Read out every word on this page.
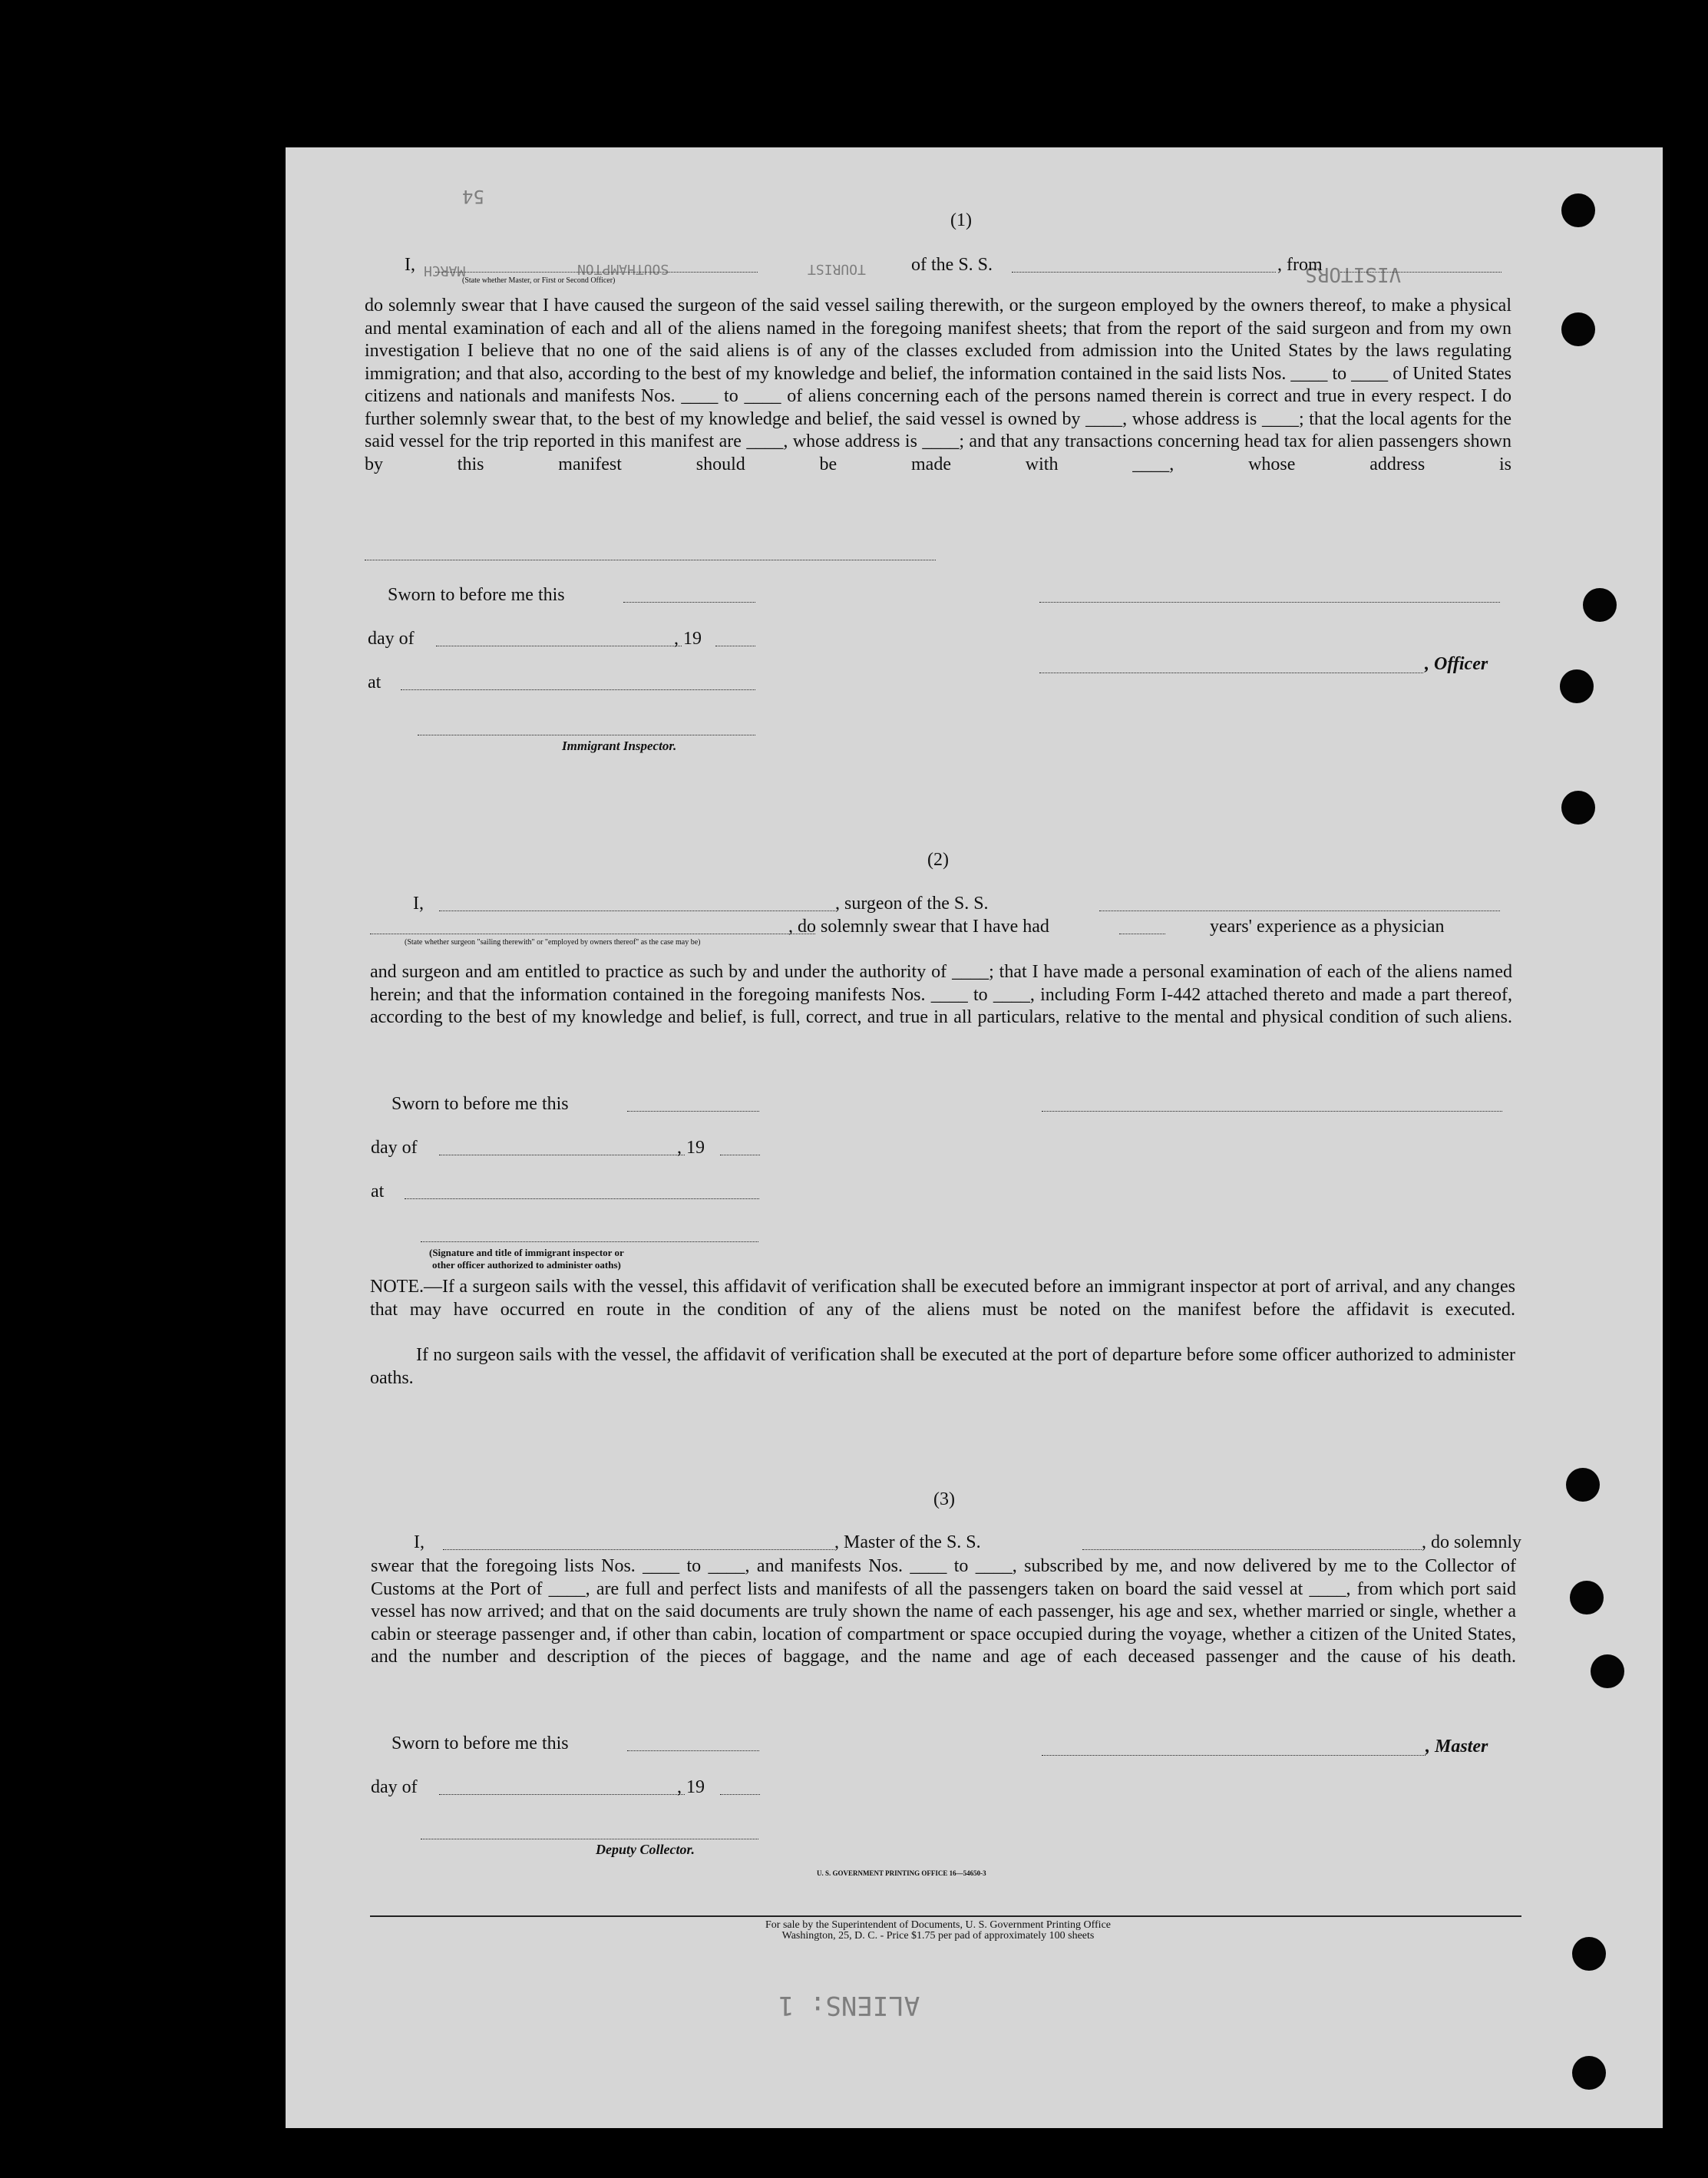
VISITORS
MARCH	SOUTHAMPTON	TOURIST
ALIENS: 1
54
(1)
I,	of the S. S.	, from
(State whether Master, or First or Second Officer)
do solemnly swear that I have caused the surgeon of the said vessel sailing therewith, or the surgeon employed by the owners thereof, to make a physical and mental examination of each and all of the aliens named in the foregoing manifest sheets; that from the report of the said surgeon and from my own investigation I believe that no one of the said aliens is of any of the classes excluded from admission into the United States by the laws regulating immigration; and that also, according to the best of my knowledge and belief, the information contained in the said lists Nos. ____ to ____ of United States citizens and nationals and manifests Nos. ____ to ____ of aliens concerning each of the persons named therein is correct and true in every respect. I do further solemnly swear that, to the best of my knowledge and belief, the said vessel is owned by ____, whose address is ____; that the local agents for the said vessel for the trip reported in this manifest are ____, whose address is ____; and that any transactions concerning head tax for alien passengers shown by this manifest should be made with ____, whose address is
Sworn to before me this
day of	, 19
, Officer
at
Immigrant Inspector.
(2)
I,	, surgeon of the S. S.
, do solemnly swear that I have had	years' experience as a physician
(State whether surgeon "sailing therewith" or "employed by owners thereof" as the case may be)
and surgeon and am entitled to practice as such by and under the authority of ____; that I have made a personal examination of each of the aliens named herein; and that the information contained in the foregoing manifests Nos. ____ to ____, including Form I-442 attached thereto and made a part thereof, according to the best of my knowledge and belief, is full, correct, and true in all particulars, relative to the mental and physical condition of such aliens.
Sworn to before me this
day of	, 19
at
(Signature and title of immigrant inspector or
other officer authorized to administer oaths)
NOTE.—If a surgeon sails with the vessel, this affidavit of verification shall be executed before an immigrant inspector at port of arrival, and any changes that may have occurred en route in the condition of any of the aliens must be noted on the manifest before the affidavit is executed.
If no surgeon sails with the vessel, the affidavit of verification shall be executed at the port of departure before some officer authorized to administer oaths.
(3)
I,	, Master of the S. S.	, do solemnly
swear that the foregoing lists Nos. ____ to ____, and manifests Nos. ____ to ____, subscribed by me, and now delivered by me to the Collector of Customs at the Port of ____, are full and perfect lists and manifests of all the passengers taken on board the said vessel at ____, from which port said vessel has now arrived; and that on the said documents are truly shown the name of each passenger, his age and sex, whether married or single, whether a cabin or steerage passenger and, if other than cabin, location of compartment or space occupied during the voyage, whether a citizen of the United States, and the number and description of the pieces of baggage, and the name and age of each deceased passenger and the cause of his death.
Sworn to before me this	, Master
day of	, 19
Deputy Collector.
U. S. GOVERNMENT PRINTING OFFICE 16—54650-3
For sale by the Superintendent of Documents, U. S. Government Printing Office
Washington, 25, D. C. - Price $1.75 per pad of approximately 100 sheets
